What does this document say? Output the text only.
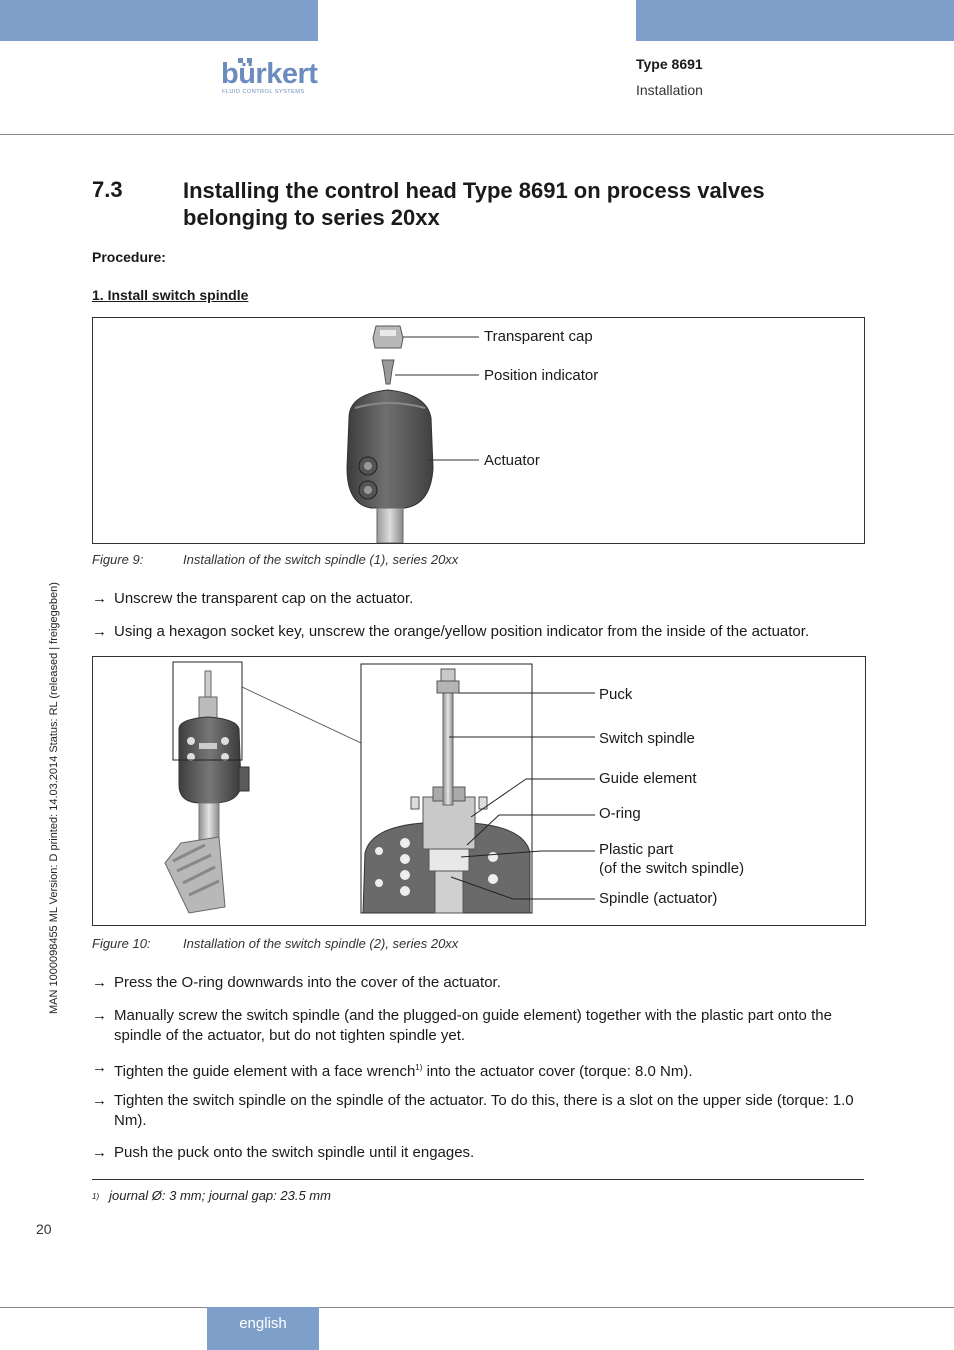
bürkert
FLUID CONTROL SYSTEMS
Type 8691
Installation
MAN 1000098455 ML Version: D printed: 14.03.2014 Status: RL (released | freigegeben)
7.3	Installing the control head Type 8691 on process valves belonging to series 20xx
Procedure:
1. Install switch spindle
Transparent cap
Position indicator
Actuator
Figure 9:	Installation of the switch spindle (1), series 20xx
→ Unscrew the transparent cap on the actuator.
→ Using a hexagon socket key, unscrew the orange/yellow position indicator from the inside of the actuator.
Puck
Switch spindle
Guide element
O-ring
Plastic part
(of the switch spindle)
Spindle (actuator)
Figure 10: Installation of the switch spindle (2), series 20xx
→ Press the O-ring downwards into the cover of the actuator.
→ Manually screw the switch spindle (and the plugged-on guide element) together with the plastic part onto the spindle of the actuator, but do not tighten spindle yet.
→ Tighten the guide element with a face wrench$^{1)}$ into the actuator cover (torque: 8.0 Nm).
→ Tighten the switch spindle on the spindle of the actuator. To do this, there is a slot on the upper side (torque: 1.0 Nm).
→ Push the puck onto the switch spindle until it engages.
1) journal Ø: 3 mm; journal gap: 23.5 mm
20
english
